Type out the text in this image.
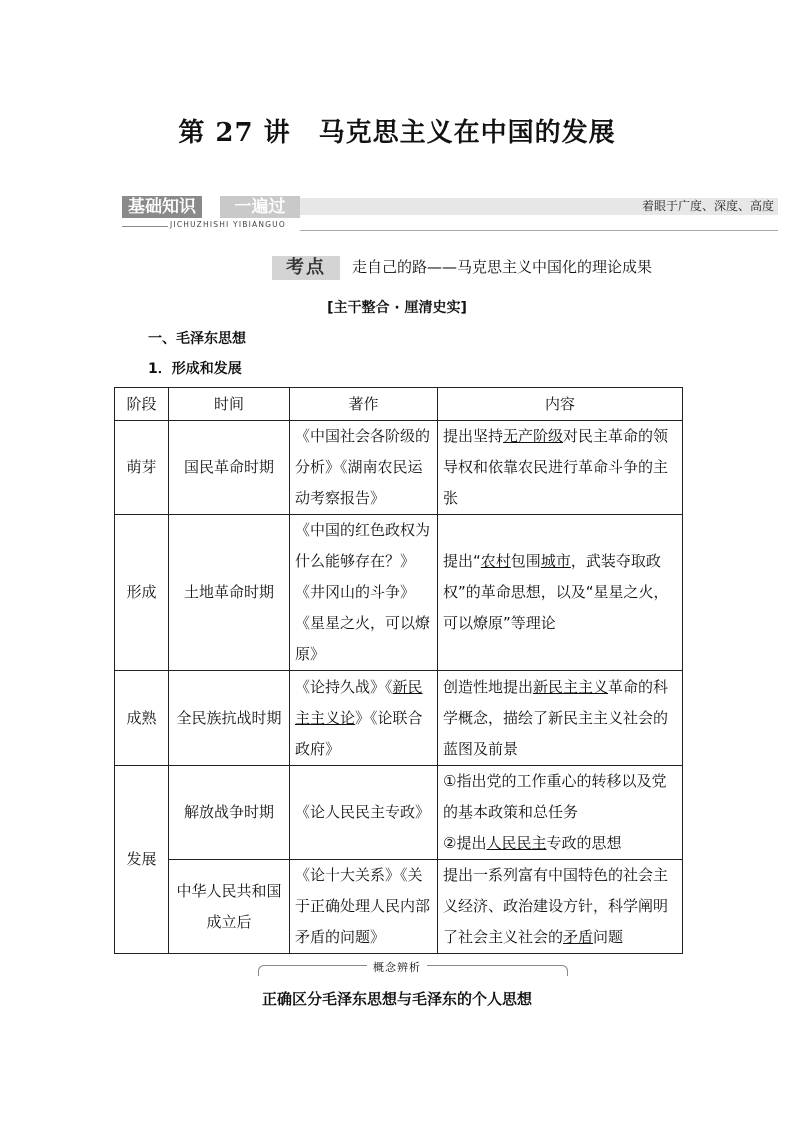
第 27 讲 马克思主义在中国的发展
基础知识	一遍过	着眼于广度、深度、高度
JICHUZHISHI YIBIANGUO
考点	走自己的路——马克思主义中国化的理论成果
[主干整合 · 厘清史实]
一、毛泽东思想
1．形成和发展
阶段	时间	著作	内容
萌芽	国民革命时期	《中国社会各阶级的分析》《湖南农民运动考察报告》	提出坚持无产阶级对民主革命的领导权和依靠农民进行革命斗争的主张
形成	土地革命时期	《中国的红色政权为什么能够存在？》《井冈山的斗争》《星星之火，可以燎原》	提出“农村包围城市，武装夺取政权”的革命思想，以及“星星之火，可以燎原”等理论
成熟	全民族抗战时期	《论持久战》《新民主主义论》《论联合政府》	创造性地提出新民主主义革命的科学概念，描绘了新民主主义社会的蓝图及前景
发展	解放战争时期	《论人民民主专政》	①指出党的工作重心的转移以及党的基本政策和总任务
②提出人民民主专政的思想
	中华人民共和国成立后	《论十大关系》《关于正确处理人民内部矛盾的问题》	提出一系列富有中国特色的社会主义经济、政治建设方针，科学阐明了社会主义社会的矛盾问题
概念辨析
正确区分毛泽东思想与毛泽东的个人思想
